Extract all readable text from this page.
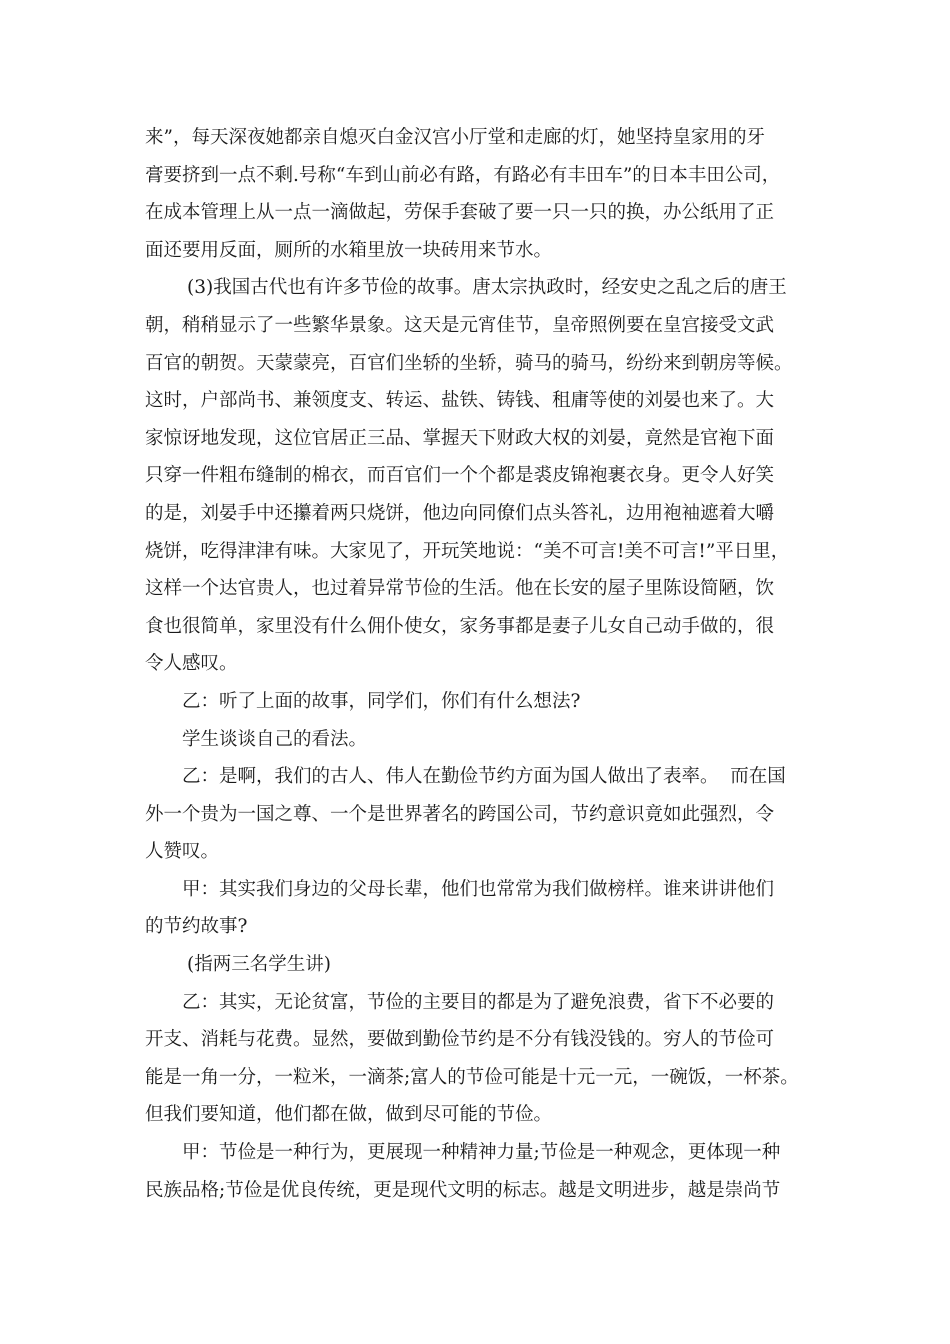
来”，每天深夜她都亲自熄灭白金汉宫小厅堂和走廊的灯，她坚持皇家用的牙
膏要挤到一点不剩.号称“车到山前必有路，有路必有丰田车”的日本丰田公司，
在成本管理上从一点一滴做起，劳保手套破了要一只一只的换，办公纸用了正
面还要用反面，厕所的水箱里放一块砖用来节水。
(3)我国古代也有许多节俭的故事。唐太宗执政时，经安史之乱之后的唐王
朝，稍稍显示了一些繁华景象。这天是元宵佳节，皇帝照例要在皇宫接受文武
百官的朝贺。天蒙蒙亮，百官们坐轿的坐轿，骑马的骑马，纷纷来到朝房等候。
这时，户部尚书、兼领度支、转运、盐铁、铸钱、租庸等使的刘晏也来了。大
家惊讶地发现，这位官居正三品、掌握天下财政大权的刘晏，竟然是官袍下面
只穿一件粗布缝制的棉衣，而百官们一个个都是裘皮锦袍裹衣身。更令人好笑
的是，刘晏手中还攥着两只烧饼，他边向同僚们点头答礼，边用袍袖遮着大嚼
烧饼，吃得津津有味。大家见了，开玩笑地说：“美不可言!美不可言!”平日里，
这样一个达官贵人，也过着异常节俭的生活。他在长安的屋子里陈设简陋，饮
食也很简单，家里没有什么佣仆使女，家务事都是妻子儿女自己动手做的，很
令人感叹。
乙：听了上面的故事，同学们，你们有什么想法?
学生谈谈自己的看法。
乙：是啊，我们的古人、伟人在勤俭节约方面为国人做出了表率。  而在国
外一个贵为一国之尊、一个是世界著名的跨国公司，节约意识竟如此强烈，令
人赞叹。
甲：其实我们身边的父母长辈，他们也常常为我们做榜样。谁来讲讲他们
的节约故事?
(指两三名学生讲)
乙：其实，无论贫富，节俭的主要目的都是为了避免浪费，省下不必要的
开支、消耗与花费。显然，要做到勤俭节约是不分有钱没钱的。穷人的节俭可
能是一角一分，一粒米，一滴茶;富人的节俭可能是十元一元，一碗饭，一杯茶。
但我们要知道，他们都在做，做到尽可能的节俭。
甲：节俭是一种行为，更展现一种精神力量;节俭是一种观念，更体现一种
民族品格;节俭是优良传统，更是现代文明的标志。越是文明进步，越是崇尚节
